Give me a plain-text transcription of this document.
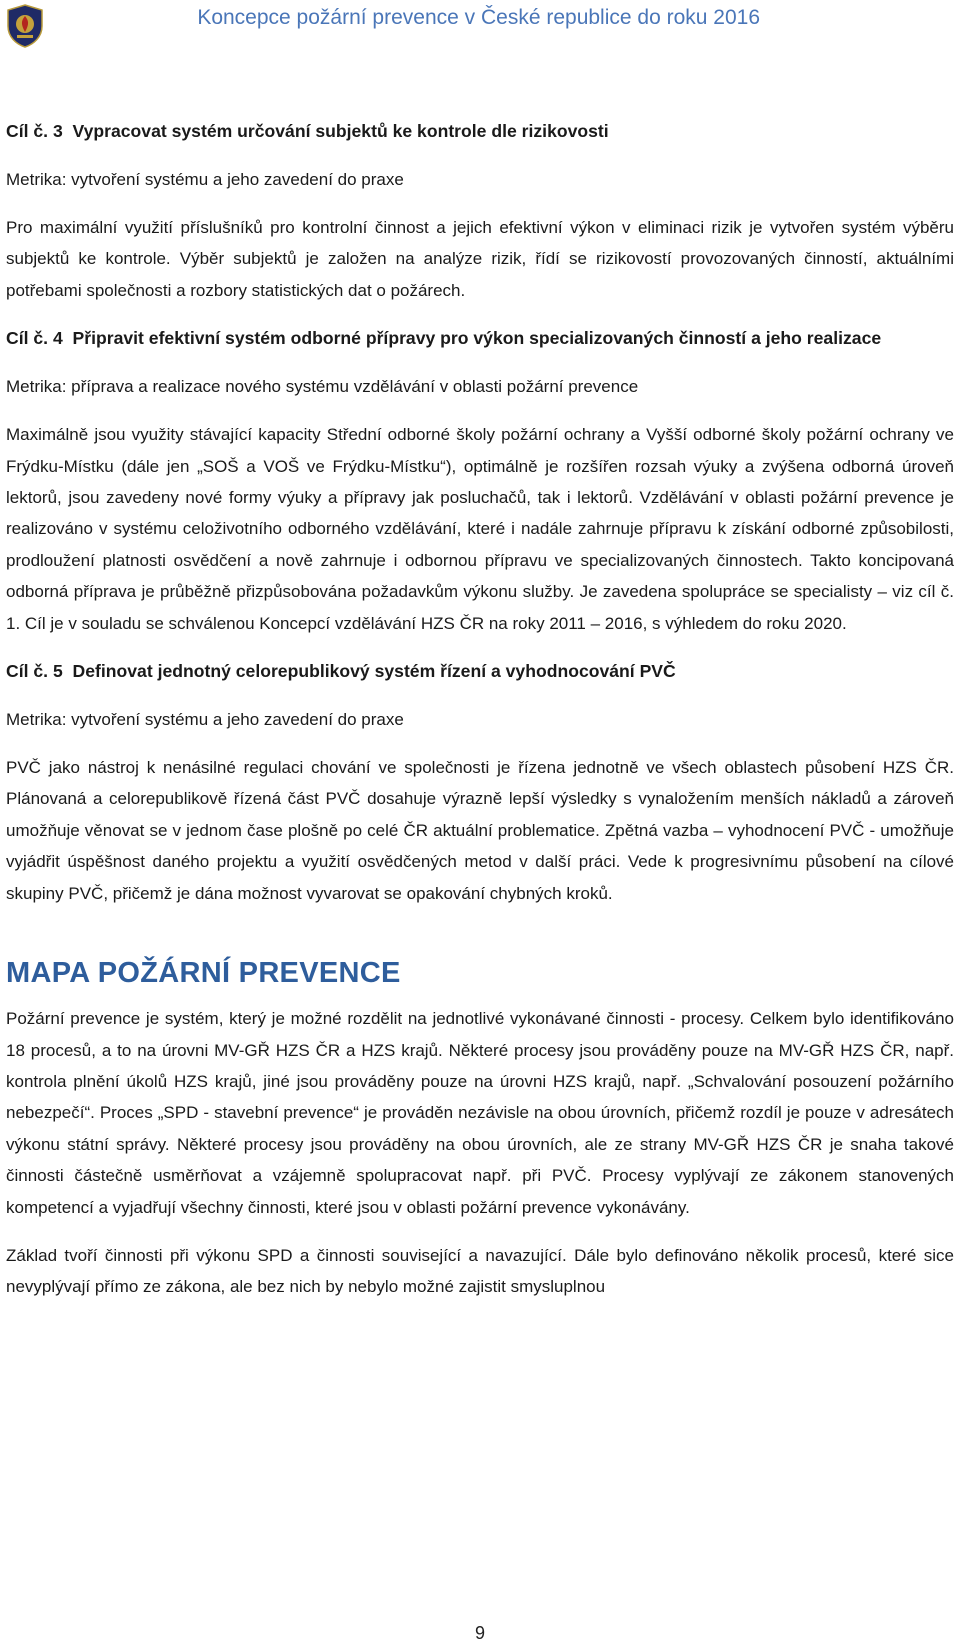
Koncepce požární prevence v České republice do roku 2016

Cíl č. 3 Vypracovat systém určování subjektů ke kontrole dle rizikovosti

Metrika: vytvoření systému a jeho zavedení do praxe

Pro maximální využití příslušníků pro kontrolní činnost a jejich efektivní výkon v eliminaci rizik je vytvořen systém výběru subjektů ke kontrole. Výběr subjektů je založen na analýze rizik, řídí se rizikovostí provozovaných činností, aktuálními potřebami společnosti a rozbory statistických dat o požárech.

Cíl č. 4 Připravit efektivní systém odborné přípravy pro výkon specializovaných činností a jeho realizace

Metrika: příprava a realizace nového systému vzdělávání v oblasti požární prevence

Maximálně jsou využity stávající kapacity Střední odborné školy požární ochrany a Vyšší odborné školy požární ochrany ve Frýdku-Místku (dále jen „SOŠ a VOŠ ve Frýdku-Místku“), optimálně je rozšířen rozsah výuky a zvýšena odborná úroveň lektorů, jsou zavedeny nové formy výuky a přípravy jak posluchačů, tak i lektorů. Vzdělávání v oblasti požární prevence je realizováno v systému celoživotního odborného vzdělávání, které i nadále zahrnuje přípravu k získání odborné způsobilosti, prodloužení platnosti osvědčení a nově zahrnuje i odbornou přípravu ve specializovaných činnostech. Takto koncipovaná odborná příprava je průběžně přizpůsobována požadavkům výkonu služby. Je zavedena spolupráce se specialisty – viz cíl č. 1. Cíl je v souladu se schválenou Koncepcí vzdělávání HZS ČR na roky 2011 – 2016, s výhledem do roku 2020.

Cíl č. 5 Definovat jednotný celorepublikový systém řízení a vyhodnocování PVČ

Metrika: vytvoření systému a jeho zavedení do praxe

PVČ jako nástroj k nenásilné regulaci chování ve společnosti je řízena jednotně ve všech oblastech působení HZS ČR. Plánovaná a celorepublikově řízená část PVČ dosahuje výrazně lepší výsledky s vynaložením menších nákladů a zároveň umožňuje věnovat se v jednom čase plošně po celé ČR aktuální problematice. Zpětná vazba – vyhodnocení PVČ - umožňuje vyjádřit úspěšnost daného projektu a využití osvědčených metod v další práci. Vede k progresivnímu působení na cílové skupiny PVČ, přičemž je dána možnost vyvarovat se opakování chybných kroků.

MAPA POŽÁRNÍ PREVENCE

Požární prevence je systém, který je možné rozdělit na jednotlivé vykonávané činnosti - procesy. Celkem bylo identifikováno 18 procesů, a to na úrovni MV-GŘ HZS ČR a HZS krajů. Některé procesy jsou prováděny pouze na MV-GŘ HZS ČR, např. kontrola plnění úkolů HZS krajů, jiné jsou prováděny pouze na úrovni HZS krajů, např. „Schvalování posouzení požárního nebezpečí“. Proces „SPD - stavební prevence“ je prováděn nezávisle na obou úrovních, přičemž rozdíl je pouze v adresátech výkonu státní správy. Některé procesy jsou prováděny na obou úrovních, ale ze strany MV-GŘ HZS ČR je snaha takové činnosti částečně usměrňovat a vzájemně spolupracovat např. při PVČ. Procesy vyplývají ze zákonem stanovených kompetencí a vyjadřují všechny činnosti, které jsou v oblasti požární prevence vykonávány.

Základ tvoří činnosti při výkonu SPD a činnosti související a navazující. Dále bylo definováno několik procesů, které sice nevyplývají přímo ze zákona, ale bez nich by nebylo možné zajistit smysluplnou

9
